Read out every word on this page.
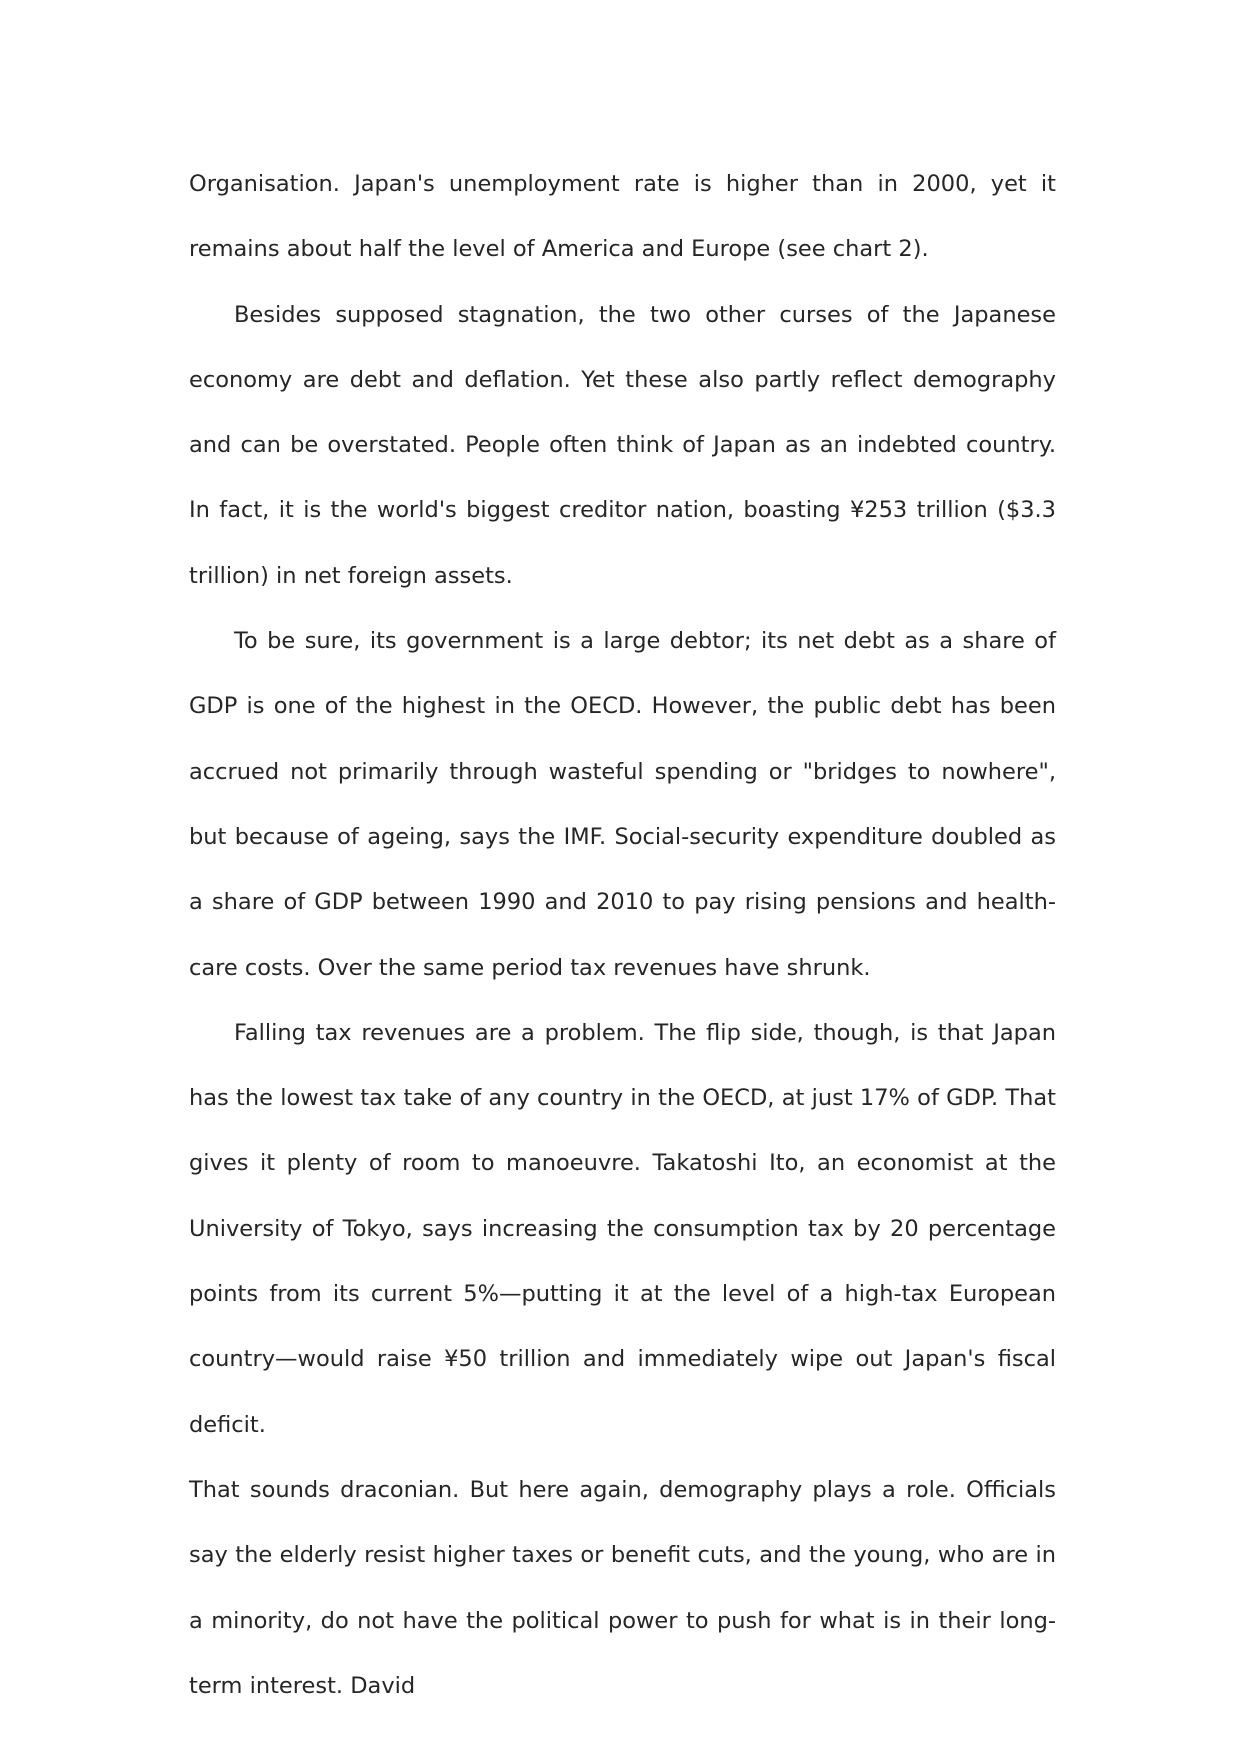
Organisation. Japan's unemployment rate is higher than in 2000, yet it remains about half the level of America and Europe (see chart 2).

Besides supposed stagnation, the two other curses of the Japanese economy are debt and deflation. Yet these also partly reflect demography and can be overstated. People often think of Japan as an indebted country. In fact, it is the world's biggest creditor nation, boasting ¥253 trillion ($3.3 trillion) in net foreign assets.

To be sure, its government is a large debtor; its net debt as a share of GDP is one of the highest in the OECD. However, the public debt has been accrued not primarily through wasteful spending or "bridges to nowhere", but because of ageing, says the IMF. Social-security expenditure doubled as a share of GDP between 1990 and 2010 to pay rising pensions and health-care costs. Over the same period tax revenues have shrunk.

Falling tax revenues are a problem. The flip side, though, is that Japan has the lowest tax take of any country in the OECD, at just 17% of GDP. That gives it plenty of room to manoeuvre. Takatoshi Ito, an economist at the University of Tokyo, says increasing the consumption tax by 20 percentage points from its current 5%—putting it at the level of a high-tax European country—would raise ¥50 trillion and immediately wipe out Japan's fiscal deficit.

That sounds draconian. But here again, demography plays a role. Officials say the elderly resist higher taxes or benefit cuts, and the young, who are in a minority, do not have the political power to push for what is in their long-term interest. David
